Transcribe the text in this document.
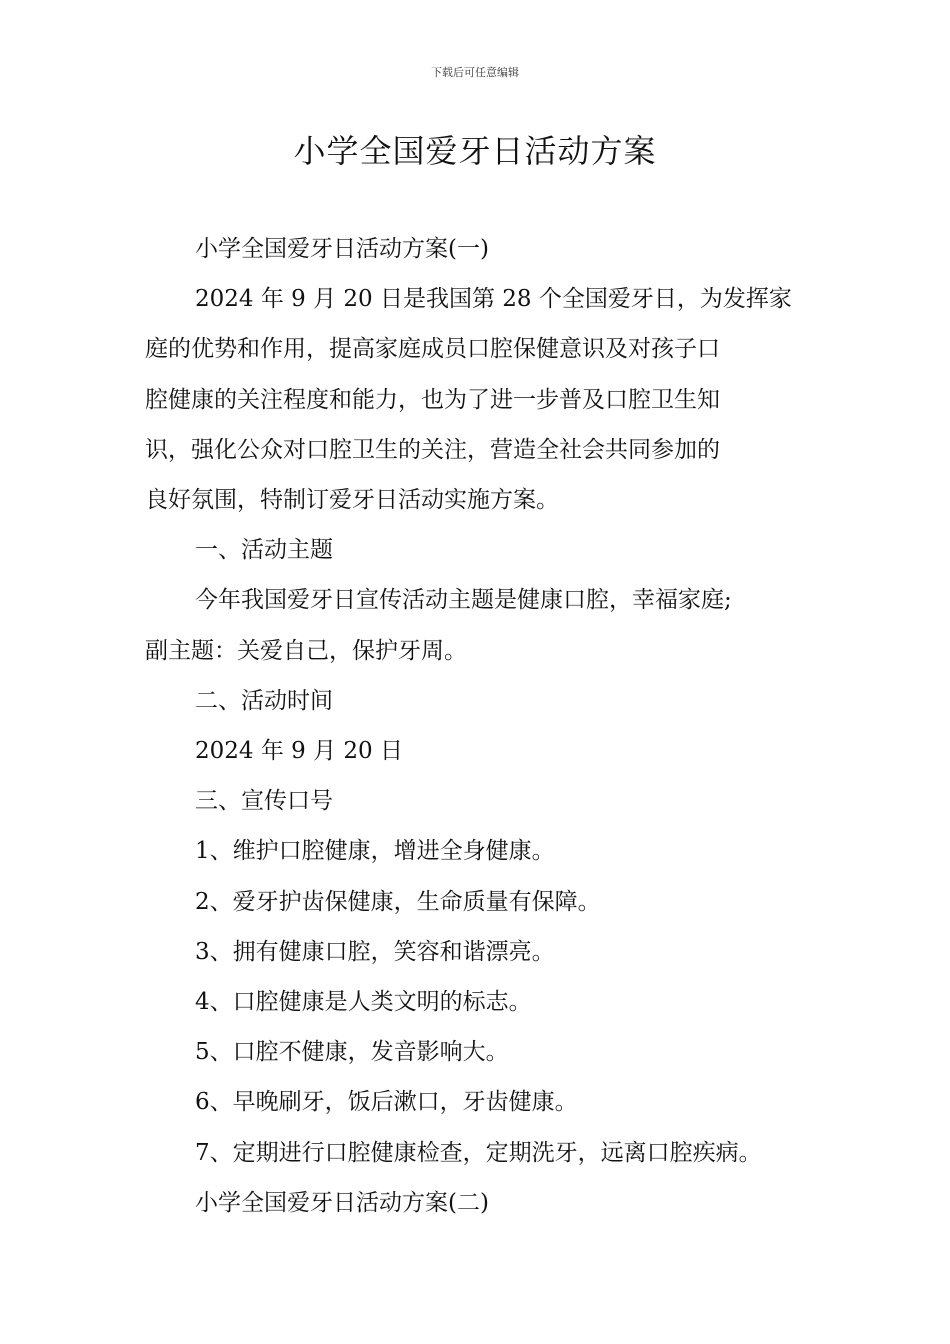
下载后可任意编辑
小学全国爱牙日活动方案

小学全国爱牙日活动方案(一)

2024 年 9 月 20 日是我国第 28 个全国爱牙日，为发挥家

庭的优势和作用，提高家庭成员口腔保健意识及对孩子口

腔健康的关注程度和能力，也为了进一步普及口腔卫生知

识，强化公众对口腔卫生的关注，营造全社会共同参加的

良好氛围，特制订爱牙日活动实施方案。

一、活动主题

今年我国爱牙日宣传活动主题是健康口腔，幸福家庭;

副主题：关爱自己，保护牙周。

二、活动时间

2024 年 9 月 20 日

三、宣传口号

1、维护口腔健康，增进全身健康。

2、爱牙护齿保健康，生命质量有保障。

3、拥有健康口腔，笑容和谐漂亮。

4、口腔健康是人类文明的标志。

5、口腔不健康，发音影响大。

6、早晚刷牙，饭后漱口，牙齿健康。

7、定期进行口腔健康检查，定期洗牙，远离口腔疾病。

小学全国爱牙日活动方案(二)
